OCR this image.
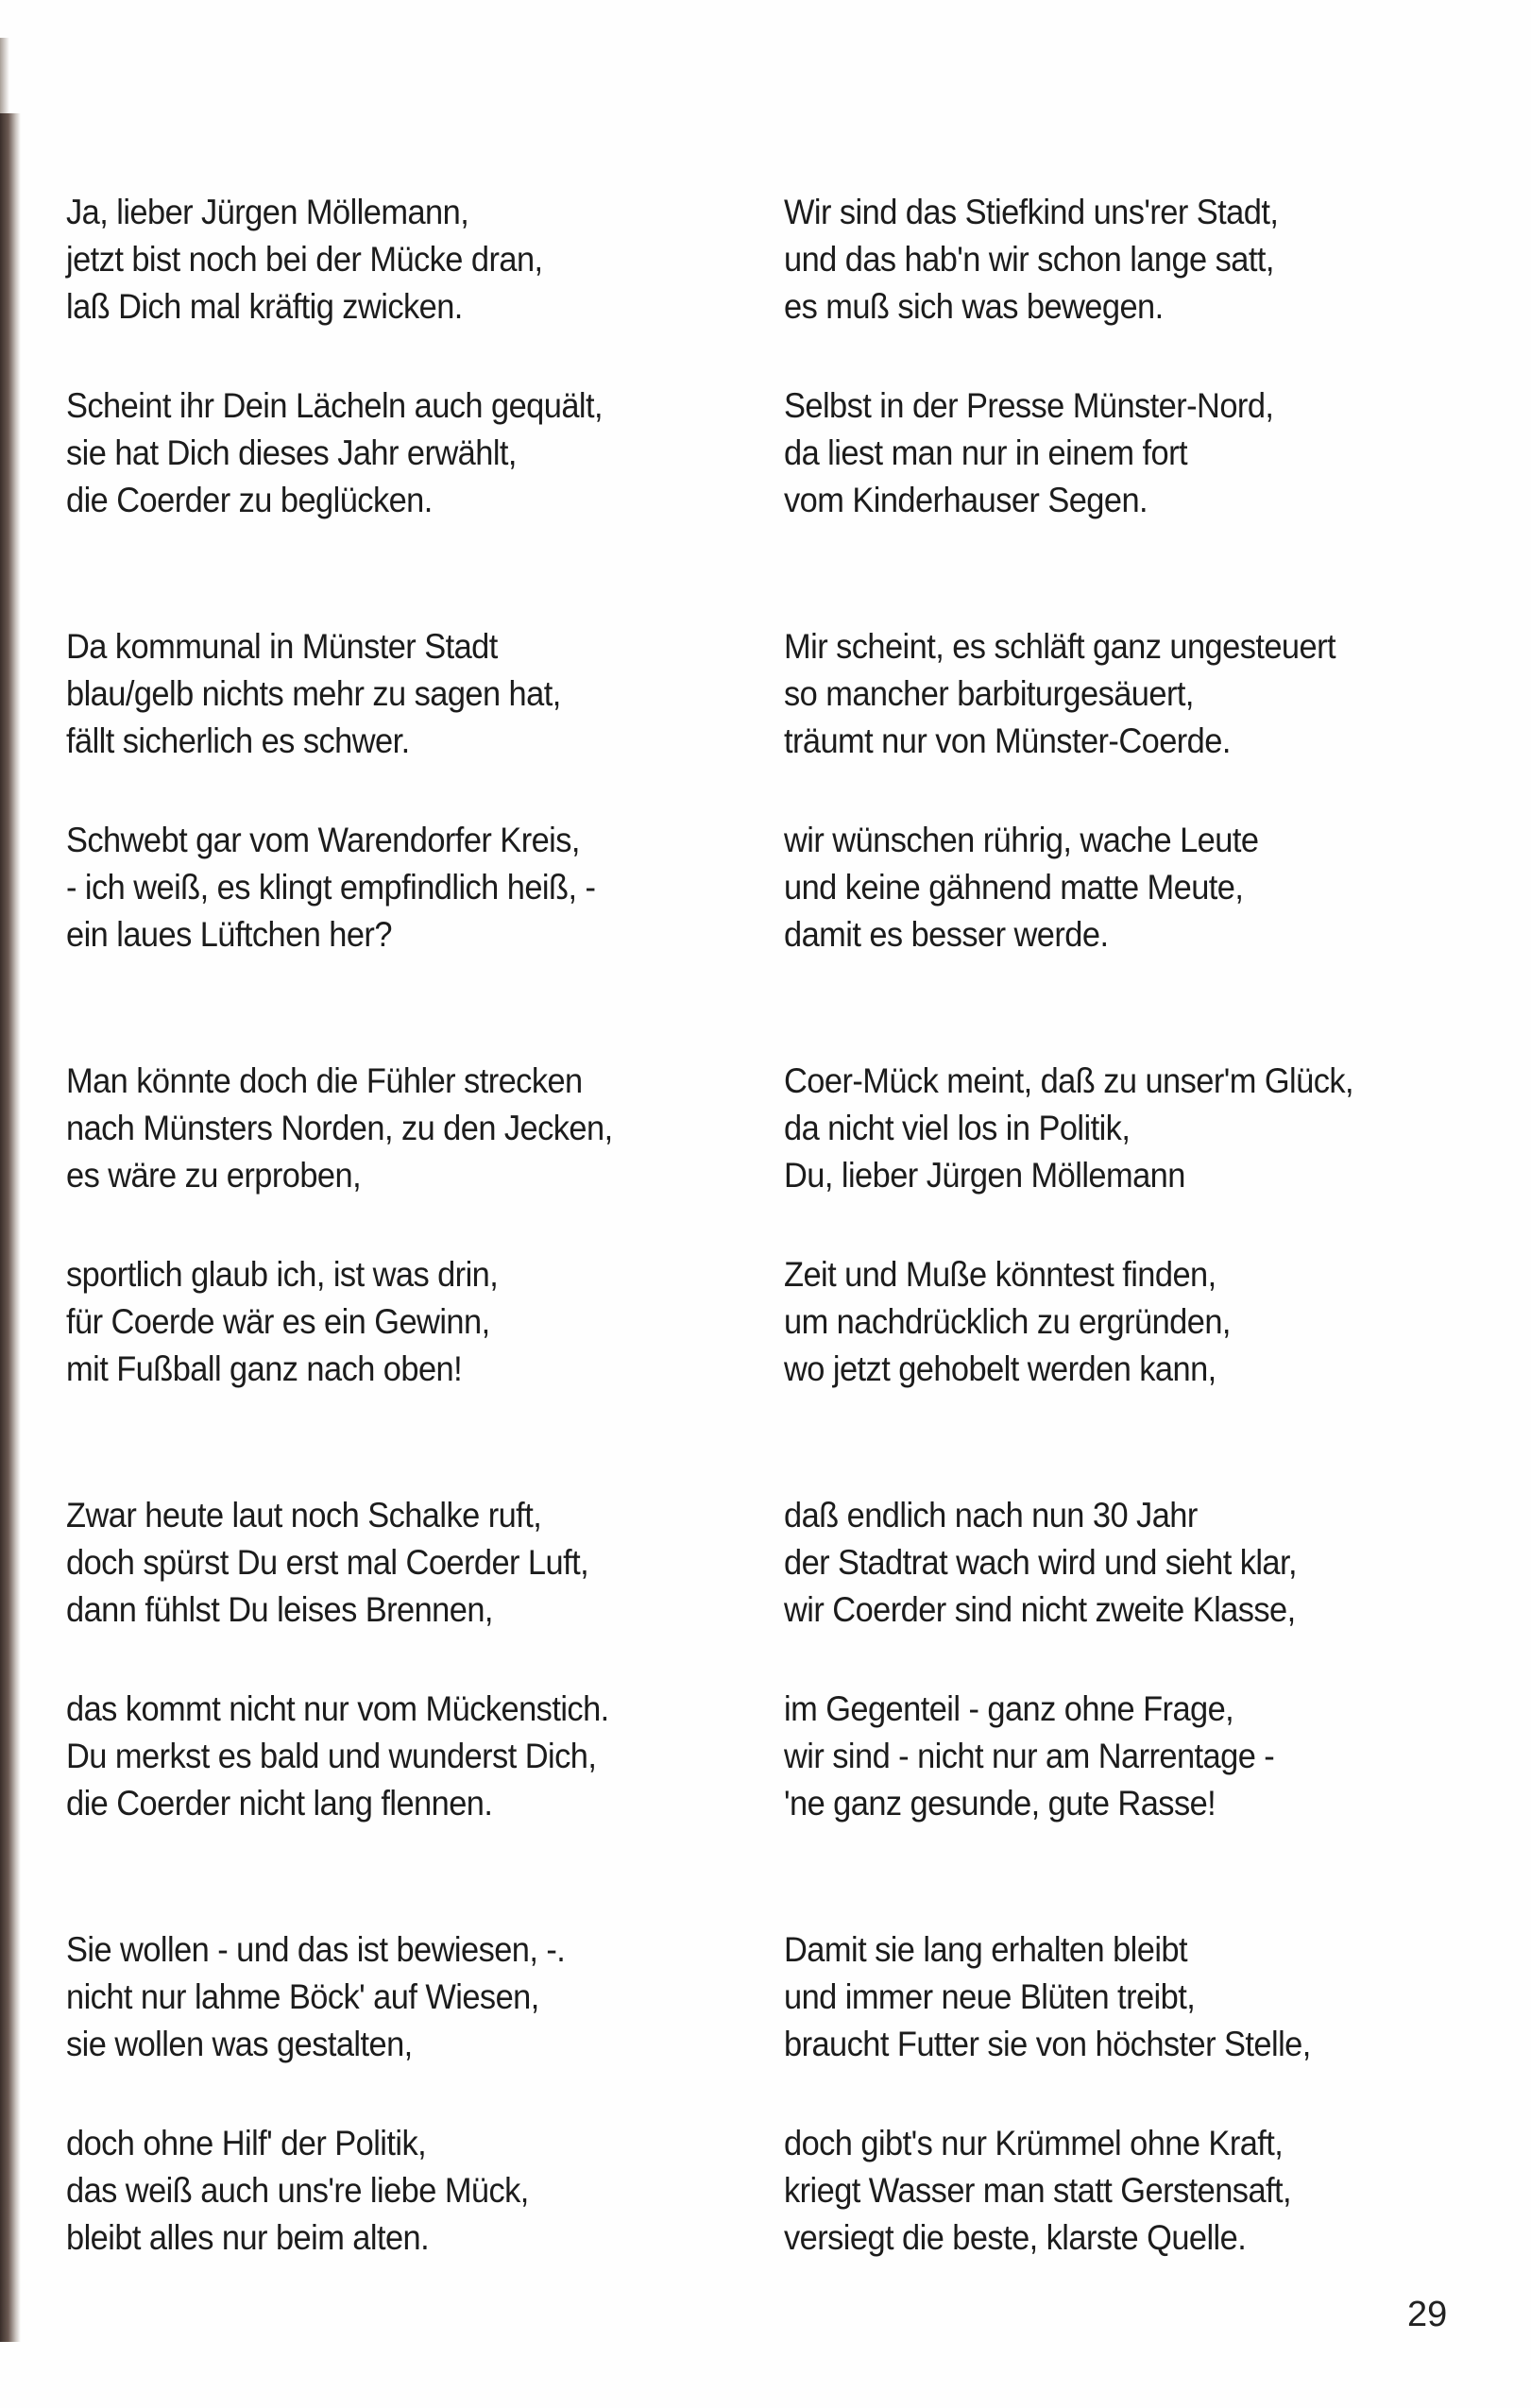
Ja, lieber Jürgen Möllemann,
jetzt bist noch bei der Mücke dran,
laß Dich mal kräftig zwicken.
Scheint ihr Dein Lächeln auch gequält,
sie hat Dich dieses Jahr erwählt,
die Coerder zu beglücken.
Da kommunal in Münster Stadt
blau/gelb nichts mehr zu sagen hat,
fällt sicherlich es schwer.
Schwebt gar vom Warendorfer Kreis,
- ich weiß, es klingt empfindlich heiß, -
ein laues Lüftchen her?
Man könnte doch die Fühler strecken
nach Münsters Norden, zu den Jecken,
es wäre zu erproben,
sportlich glaub ich, ist was drin,
für Coerde wär es ein Gewinn,
mit Fußball ganz nach oben!
Zwar heute laut noch Schalke ruft,
doch spürst Du erst mal Coerder Luft,
dann fühlst Du leises Brennen,
das kommt nicht nur vom Mückenstich.
Du merkst es bald und wunderst Dich,
die Coerder nicht lang flennen.
Sie wollen - und das ist bewiesen, -.
nicht nur lahme Böck' auf Wiesen,
sie wollen was gestalten,
doch ohne Hilf' der Politik,
das weiß auch uns're liebe Mück,
bleibt alles nur beim alten.
Wir sind das Stiefkind uns'rer Stadt,
und das hab'n wir schon lange satt,
es muß sich was bewegen.
Selbst in der Presse Münster-Nord,
da liest man nur in einem fort
vom Kinderhauser Segen.
Mir scheint, es schläft ganz ungesteuert
so mancher barbiturgesäuert,
träumt nur von Münster-Coerde.
wir wünschen rührig, wache Leute
und keine gähnend matte Meute,
damit es besser werde.
Coer-Mück meint, daß zu unser'm Glück,
da nicht viel los in Politik,
Du, lieber Jürgen Möllemann
Zeit und Muße könntest finden,
um nachdrücklich zu ergründen,
wo jetzt gehobelt werden kann,
daß endlich nach nun 30 Jahr
der Stadtrat wach wird und sieht klar,
wir Coerder sind nicht zweite Klasse,
im Gegenteil - ganz ohne Frage,
wir sind - nicht nur am Narrentage -
'ne ganz gesunde, gute Rasse!
Damit sie lang erhalten bleibt
und immer neue Blüten treibt,
braucht Futter sie von höchster Stelle,
doch gibt's nur Krümmel ohne Kraft,
kriegt Wasser man statt Gerstensaft,
versiegt die beste, klarste Quelle.
29
